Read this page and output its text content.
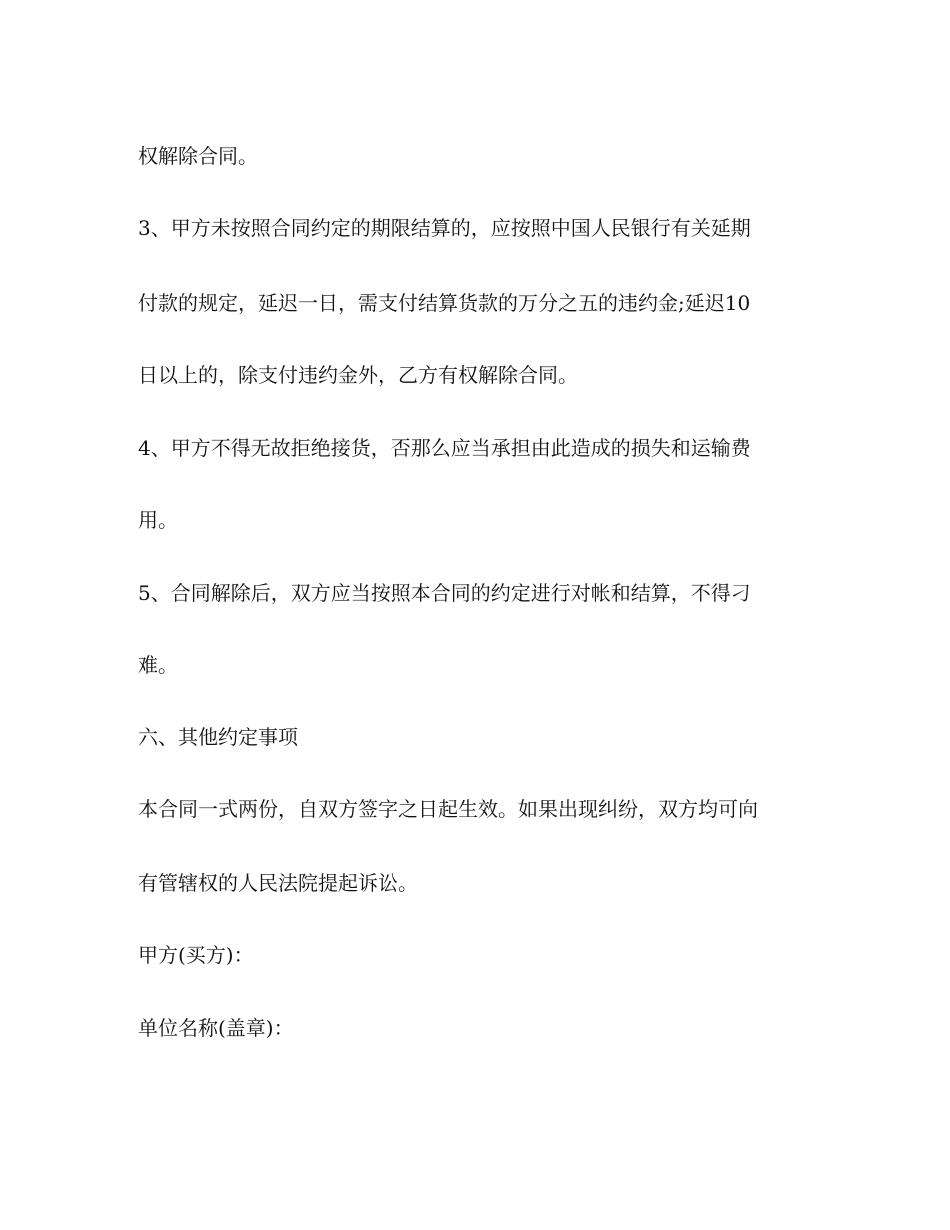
权解除合同。

3、甲方未按照合同约定的期限结算的，应按照中国人民银行有关延期

付款的规定，延迟一日，需支付结算货款的万分之五的违约金;延迟10

日以上的，除支付违约金外，乙方有权解除合同。

4、甲方不得无故拒绝接货，否那么应当承担由此造成的损失和运输费

用。

5、合同解除后，双方应当按照本合同的约定进行对帐和结算，不得刁

难。

六、其他约定事项

本合同一式两份，自双方签字之日起生效。如果出现纠纷，双方均可向

有管辖权的人民法院提起诉讼。

甲方(买方)：

单位名称(盖章)：
